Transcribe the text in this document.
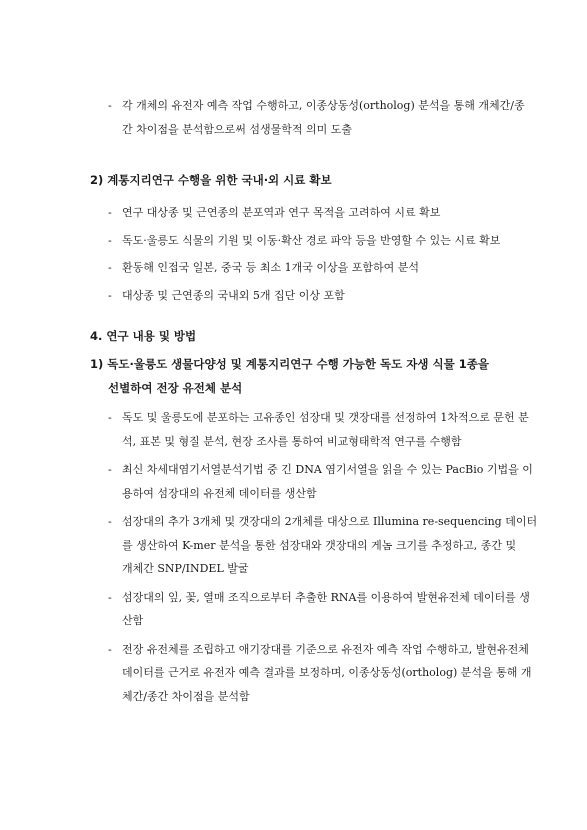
- 각 개체의 유전자 예측 작업 수행하고, 이종상동성(ortholog) 분석을 통해 개체간/종
간 차이점을 분석함으로써 섬생물학적 의미 도출
2) 계통지리연구 수행을 위한 국내·외 시료 확보
- 연구 대상종 및 근연종의 분포역과 연구 목적을 고려하여 시료 확보
- 독도·울릉도 식물의 기원 및 이동·확산 경로 파악 등을 반영할 수 있는 시료 확보
- 환동해 인접국 일본, 중국 등 최소 1개국 이상을 포함하여 분석
- 대상종 및 근연종의 국내외 5개 집단 이상 포함
4. 연구 내용 및 방법
1) 독도·울릉도 생물다양성 및 계통지리연구 수행 가능한 독도 자생 식물 1종을
선별하여 전장 유전체 분석
- 독도 및 울릉도에 분포하는 고유종인 섬장대 및 갯장대를 선정하여 1차적으로 문헌 분
석, 표본 및 형질 분석, 현장 조사를 통하여 비교형태학적 연구를 수행함
- 최신 차세대염기서열분석기법 중 긴 DNA 염기서열을 읽을 수 있는 PacBio 기법을 이
용하여 섬장대의 유전체 데이터를 생산함
- 섬장대의 추가 3개체 및 갯장대의 2개체를 대상으로 Illumina re-sequencing 데이터
를 생산하여 K-mer 분석을 통한 섬장대와 갯장대의 게놈 크기를 추정하고, 종간 및
개체간 SNP/INDEL 발굴
- 섬장대의 잎, 꽃, 열매 조직으로부터 추출한 RNA를 이용하여 발현유전체 데이터를 생
산함
- 전장 유전체를 조립하고 애기장대를 기준으로 유전자 예측 작업 수행하고, 발현유전체
데이터를 근거로 유전자 예측 결과를 보정하며, 이종상동성(ortholog) 분석을 통해 개
체간/종간 차이점을 분석함
